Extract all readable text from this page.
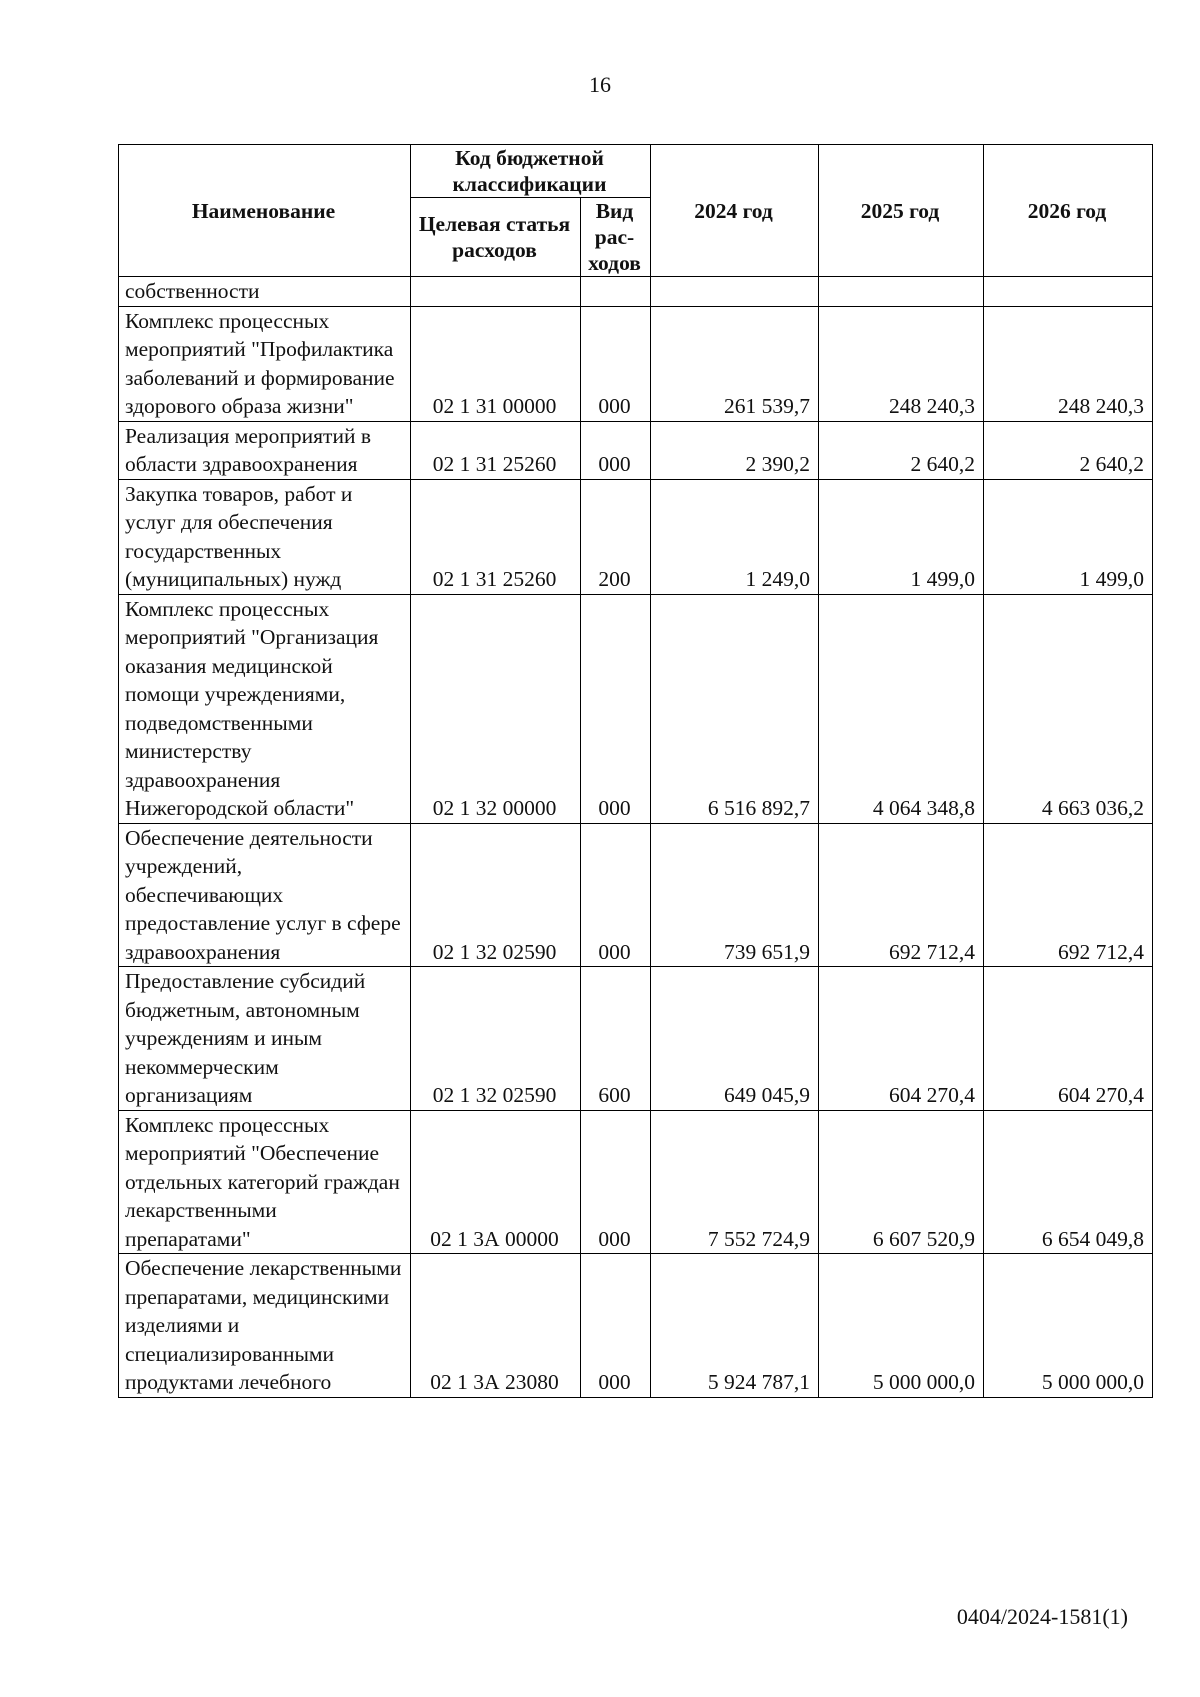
16
Наименование	Код бюджетной классификации		2024 год	2025 год	2026 год
	Целевая статья расходов	Вид рас-ходов			
собственности					
Комплекс процессных мероприятий "Профилактика заболеваний и формирование здорового образа жизни"	02 1 31 00000	000	261 539,7	248 240,3	248 240,3
Реализация мероприятий в области здравоохранения	02 1 31 25260	000	2 390,2	2 640,2	2 640,2
Закупка товаров, работ и услуг для обеспечения государственных (муниципальных) нужд	02 1 31 25260	200	1 249,0	1 499,0	1 499,0
Комплекс процессных мероприятий "Организация оказания медицинской помощи учреждениями, подведомственными министерству здравоохранения Нижегородской области"	02 1 32 00000	000	6 516 892,7	4 064 348,8	4 663 036,2
Обеспечение деятельности учреждений, обеспечивающих предоставление услуг в сфере здравоохранения	02 1 32 02590	000	739 651,9	692 712,4	692 712,4
Предоставление субсидий бюджетным, автономным учреждениям и иным некоммерческим организациям	02 1 32 02590	600	649 045,9	604 270,4	604 270,4
Комплекс процессных мероприятий "Обеспечение отдельных категорий граждан лекарственными препаратами"	02 1 3А 00000	000	7 552 724,9	6 607 520,9	6 654 049,8
Обеспечение лекарственными препаратами, медицинскими изделиями и специализированными продуктами лечебного	02 1 3А 23080	000	5 924 787,1	5 000 000,0	5 000 000,0
0404/2024-1581(1)
